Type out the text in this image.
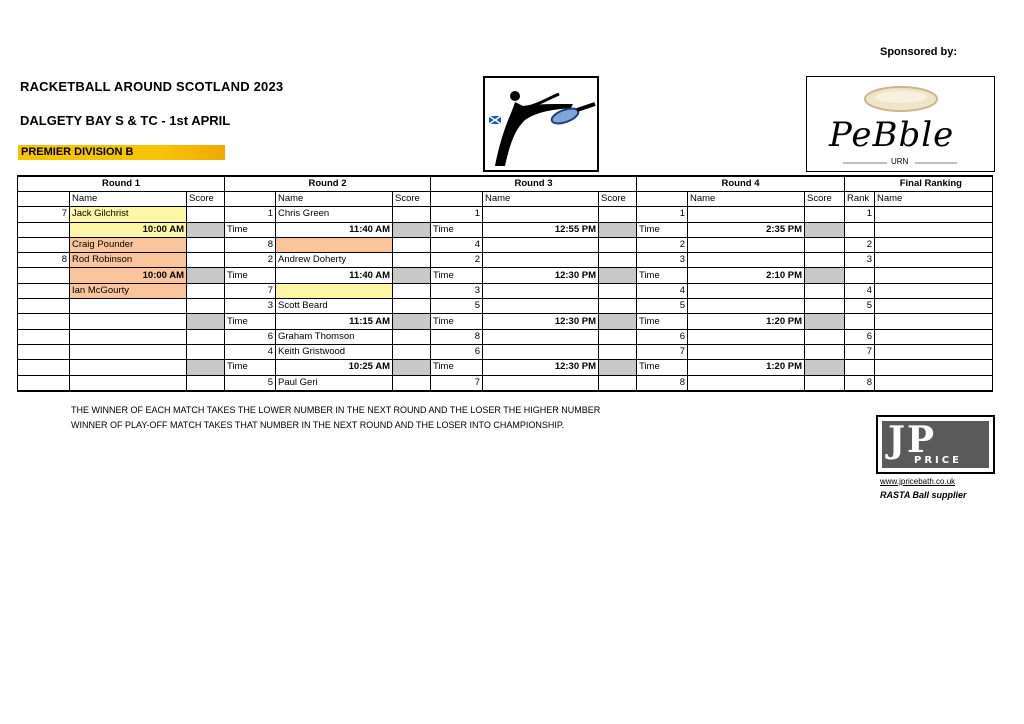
Sponsored by:
RACKETBALL AROUND SCOTLAND 2023
DALGETY BAY S & TC - 1st APRIL
PREMIER DIVISION B	PeBble
URN
Round 1			Round 2			Round 3			Round 4			Final Ranking	
	Name	Score		Name	Score		Name	Score		Name	Score	Rank	Name
7	Jack Gilchrist		1	Chris Green		1			1			1	
	10:00 AM		Time	11:40 AM		Time	12:55 PM		Time	2:35 PM			
	Craig Pounder		8			4			2			2	
8	Rod Robinson		2	Andrew Doherty		2			3			3	
	10:00 AM		Time	11:40 AM		Time	12:30 PM		Time	2:10 PM			
	Ian McGourty		7			3			4			4	
			3	Scott Beard		5			5			5	
			Time	11:15 AM		Time	12:30 PM		Time	1:20 PM			
			6	Graham Thomson		8			6			6	
			4	Keith Gristwood		6			7			7	
			Time	10:25 AM		Time	12:30 PM		Time	1:20 PM			
			5	Paul Geri		7			8			8	
THE WINNER OF EACH MATCH TAKES THE LOWER NUMBER IN THE NEXT ROUND AND THE LOSER THE HIGHER NUMBER
WINNER OF PLAY-OFF MATCH TAKES THAT NUMBER IN THE NEXT ROUND AND THE LOSER INTO CHAMPIONSHIP.	JP
PRICE
www.jpricebath.co.uk
RASTA Ball supplier
